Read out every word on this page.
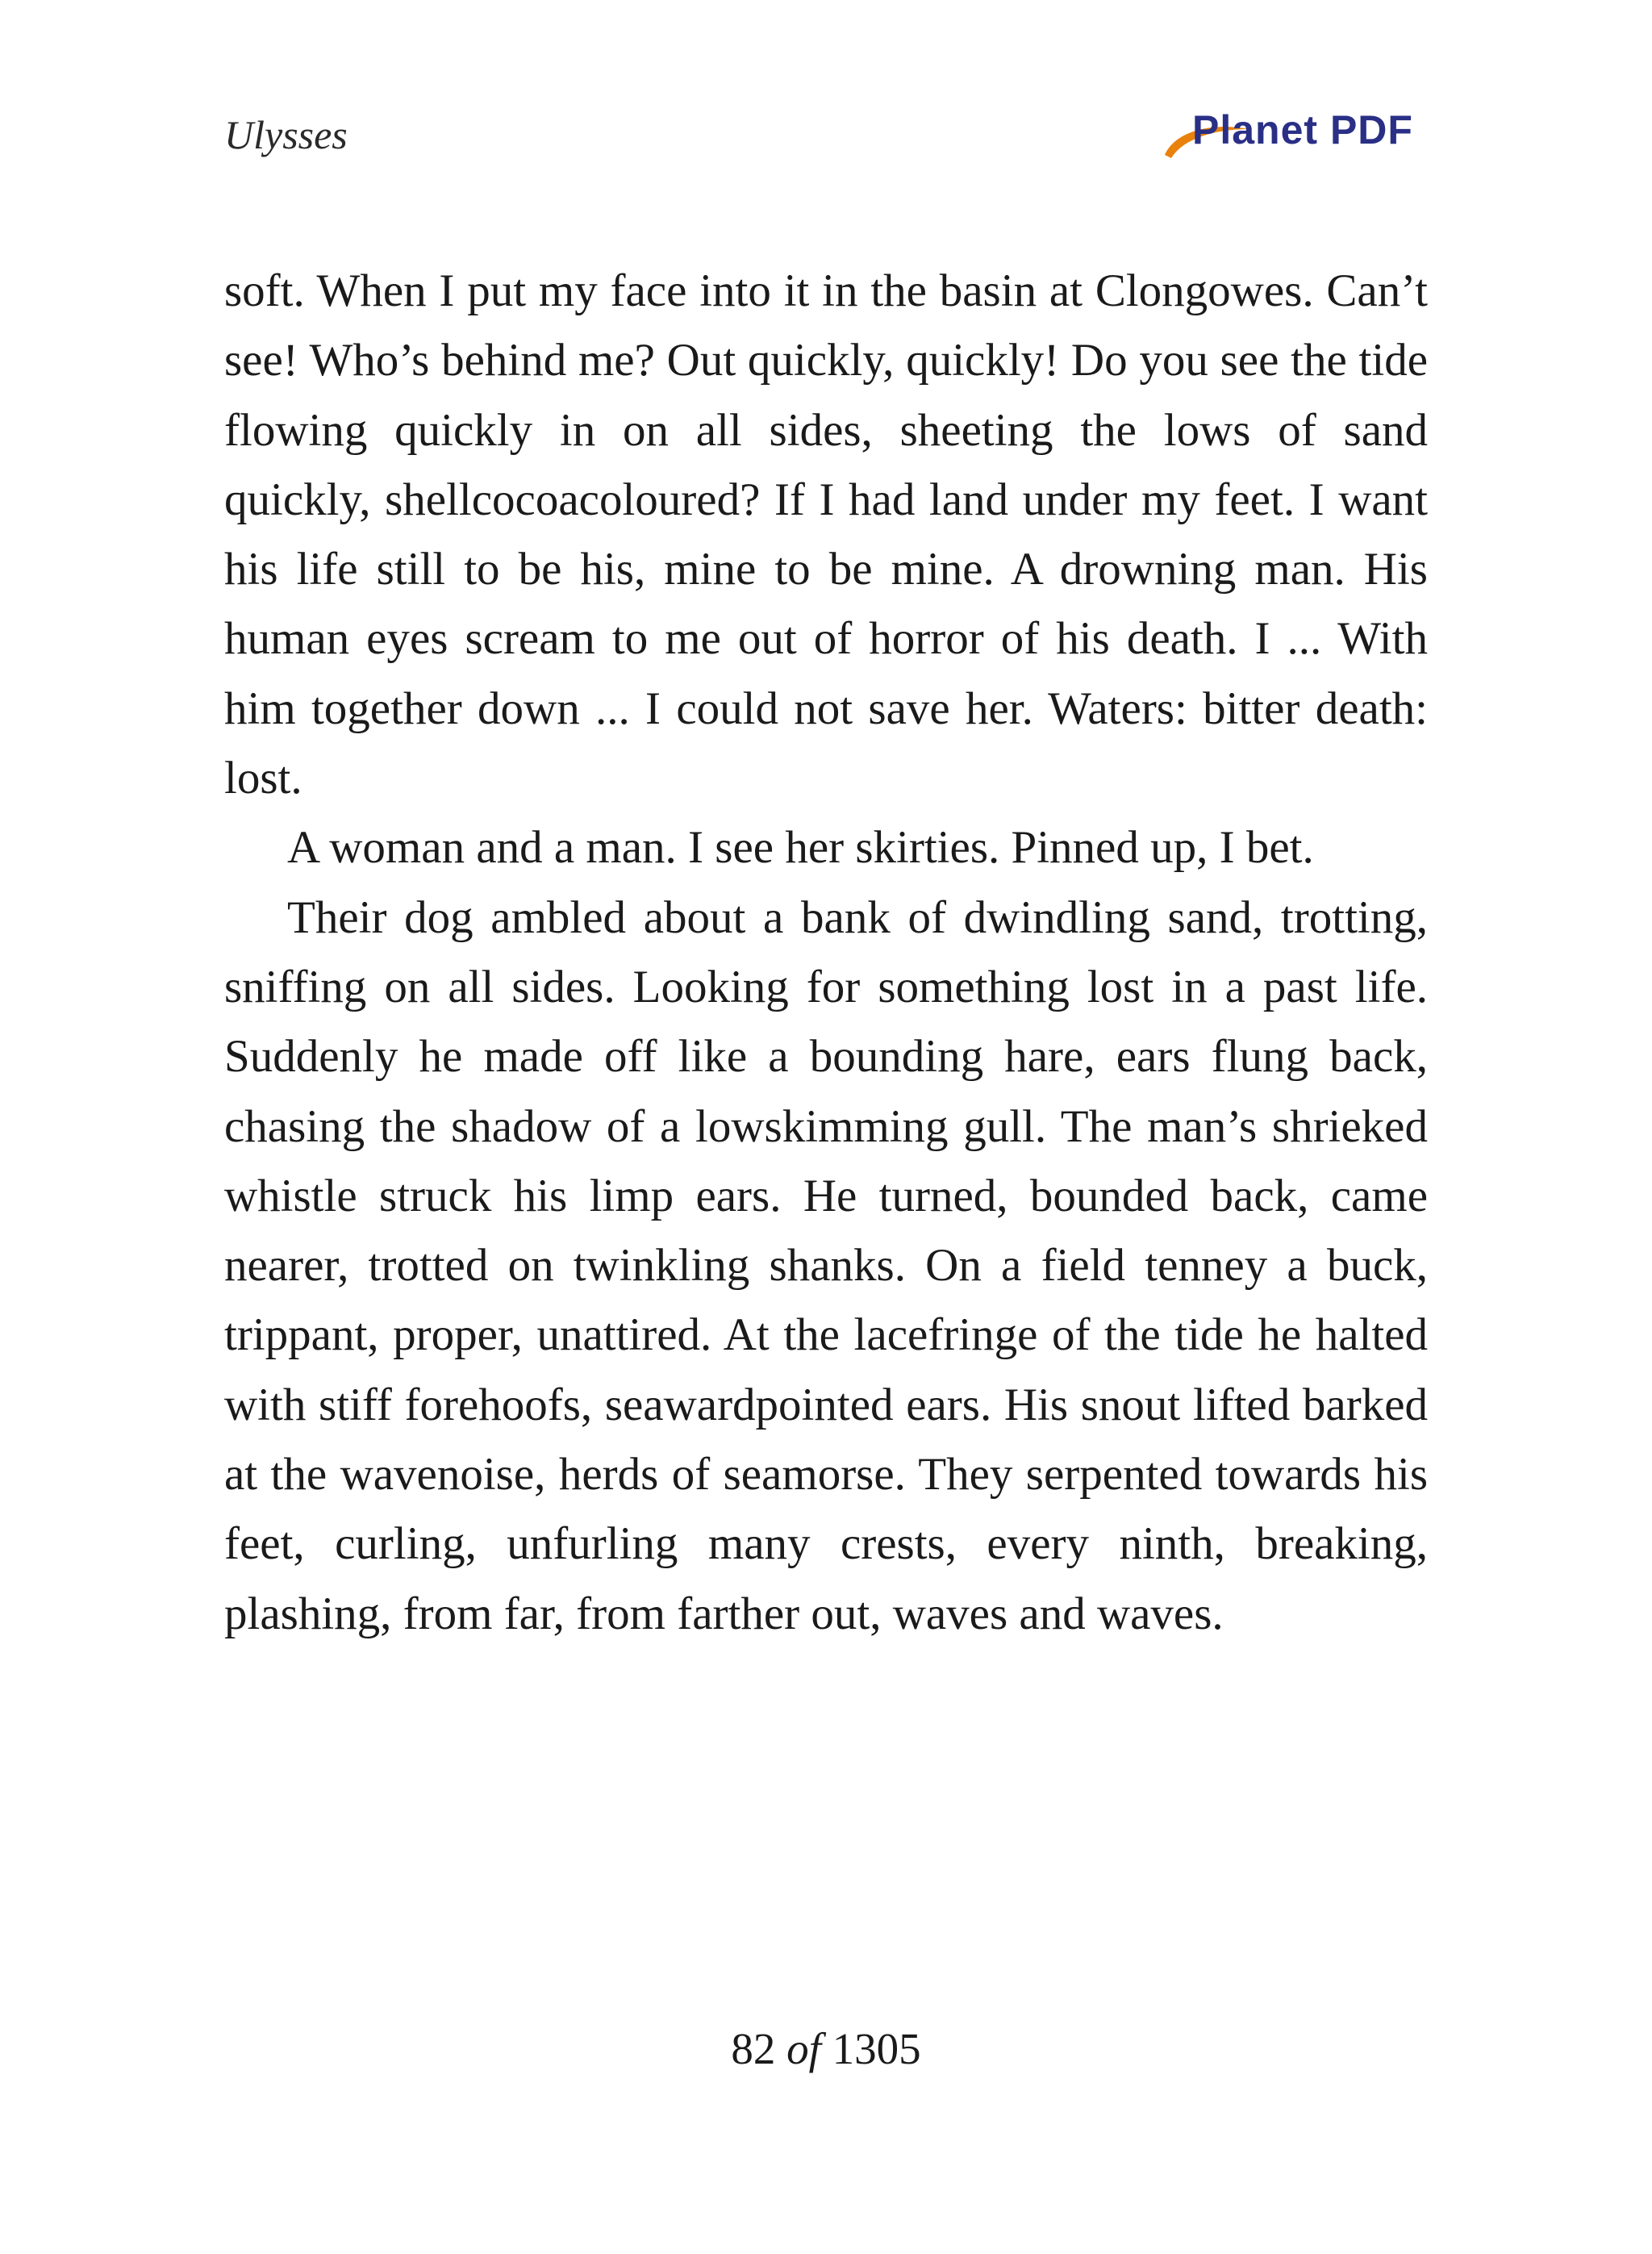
Ulysses	Planet PDF

soft. When I put my face into it in the basin at Clongowes. Can’t see! Who’s behind me? Out quickly, quickly! Do you see the tide flowing quickly in on all sides, sheeting the lows of sand quickly, shellcocoacoloured? If I had land under my feet. I want his life still to be his, mine to be mine. A drowning man. His human eyes scream to me out of horror of his death. I ... With him together down ... I could not save her. Waters: bitter death: lost.

A woman and a man. I see her skirties. Pinned up, I bet.

Their dog ambled about a bank of dwindling sand, trotting, sniffing on all sides. Looking for something lost in a past life. Suddenly he made off like a bounding hare, ears flung back, chasing the shadow of a lowskimming gull. The man’s shrieked whistle struck his limp ears. He turned, bounded back, came nearer, trotted on twinkling shanks. On a field tenney a buck, trippant, proper, unattired. At the lacefringe of the tide he halted with stiff forehoofs, seawardpointed ears. His snout lifted barked at the wavenoise, herds of seamorse. They serpented towards his feet, curling, unfurling many crests, every ninth, breaking, plashing, from far, from farther out, waves and waves.

82 of 1305
